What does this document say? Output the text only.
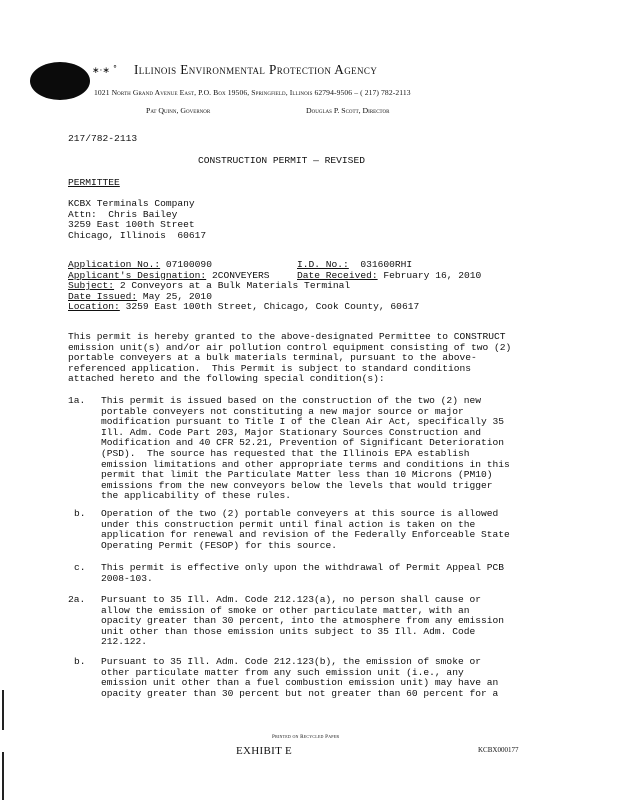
∗·∗ ˚ Illinois Environmental Protection Agency
1021 North Grand Avenue East, P.O. Box 19506, Springfield, Illinois 62794-9506 – ( 217) 782-2113
Pat Quinn, Governor	Douglas P. Scott, Director
217/782-2113
CONSTRUCTION PERMIT — REVISED
PERMITTEE
KCBX Terminals Company
Attn:  Chris Bailey
3259 East 100th Street
Chicago, Illinois  60617
Application No.: 07100090	I.D. No.: 031600RHI
Applicant's Designation: 2CONVEYERS	Date Received: February 16, 2010
Subject: 2 Conveyors at a Bulk Materials Terminal
Date Issued: May 25, 2010
Location: 3259 East 100th Street, Chicago, Cook County, 60617
This permit is hereby granted to the above-designated Permittee to CONSTRUCT
emission unit(s) and/or air pollution control equipment consisting of two (2)
portable conveyers at a bulk materials terminal, pursuant to the above-
referenced application.  This Permit is subject to standard conditions
attached hereto and the following special condition(s):
1a. This permit is issued based on the construction of the two (2) new
portable conveyers not constituting a new major source or major
modification pursuant to Title I of the Clean Air Act, specifically 35
Ill. Adm. Code Part 203, Major Stationary Sources Construction and
Modification and 40 CFR 52.21, Prevention of Significant Deterioration
(PSD).  The source has requested that the Illinois EPA establish
emission limitations and other appropriate terms and conditions in this
permit that limit the Particulate Matter less than 10 Microns (PM10)
emissions from the new conveyors below the levels that would trigger
the applicability of these rules.
b. Operation of the two (2) portable conveyers at this source is allowed
under this construction permit until final action is taken on the
application for renewal and revision of the Federally Enforceable State
Operating Permit (FESOP) for this source.
c. This permit is effective only upon the withdrawal of Permit Appeal PCB
2008-103.
2a. Pursuant to 35 Ill. Adm. Code 212.123(a), no person shall cause or
allow the emission of smoke or other particulate matter, with an
opacity greater than 30 percent, into the atmosphere from any emission
unit other than those emission units subject to 35 Ill. Adm. Code
212.122.
b. Pursuant to 35 Ill. Adm. Code 212.123(b), the emission of smoke or
other particulate matter from any such emission unit (i.e., any
emission unit other than a fuel combustion emission unit) may have an
opacity greater than 30 percent but not greater than 60 percent for a
Printed on Recycled Paper
EXHIBIT E	KCBX000177
